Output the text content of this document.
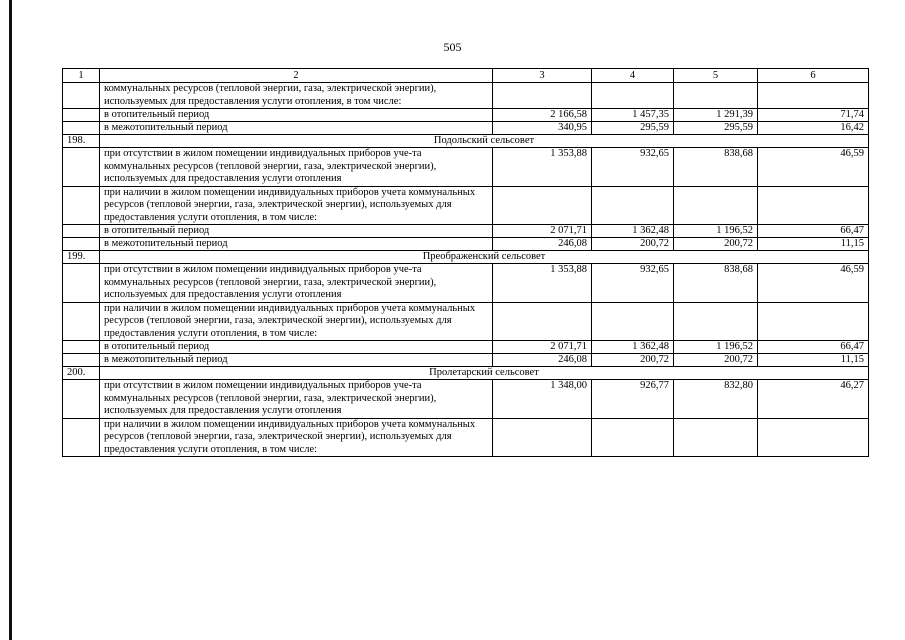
505
1	2	3	4	5	6
	коммунальных ресурсов (тепловой энергии, газа, электрической энергии), используемых для предоставления услуги отопления, в том числе:				
	в отопительный период	2 166,58	1 457,35	1 291,39	71,74
	в межотопительный период	340,95	295,59	295,59	16,42
198.	Подольский сельсовет				
	при отсутствии в жилом помещении индивидуальных приборов уче-та коммунальных ресурсов (тепловой энергии, газа, электрической энергии), используемых для предоставления услуги отопления	1 353,88	932,65	838,68	46,59
	при наличии в жилом помещении индивидуальных приборов учета коммунальных ресурсов (тепловой энергии, газа, электрической энергии), используемых для предоставления услуги отопления, в том числе:				
	в отопительный период	2 071,71	1 362,48	1 196,52	66,47
	в межотопительный период	246,08	200,72	200,72	11,15
199.	Преображенский сельсовет				
	при отсутствии в жилом помещении индивидуальных приборов уче-та коммунальных ресурсов (тепловой энергии, газа, электрической энергии), используемых для предоставления услуги отопления	1 353,88	932,65	838,68	46,59
	при наличии в жилом помещении индивидуальных приборов учета коммунальных ресурсов (тепловой энергии, газа, электрической энергии), используемых для предоставления услуги отопления, в том числе:				
	в отопительный период	2 071,71	1 362,48	1 196,52	66,47
	в межотопительный период	246,08	200,72	200,72	11,15
200.	Пролетарский сельсовет				
	при отсутствии в жилом помещении индивидуальных приборов уче-та коммунальных ресурсов (тепловой энергии, газа, электрической энергии), используемых для предоставления услуги отопления	1 348,00	926,77	832,80	46,27
	при наличии в жилом помещении индивидуальных приборов учета коммунальных ресурсов (тепловой энергии, газа, электрической энергии), используемых для предоставления услуги отопления, в том числе:				
